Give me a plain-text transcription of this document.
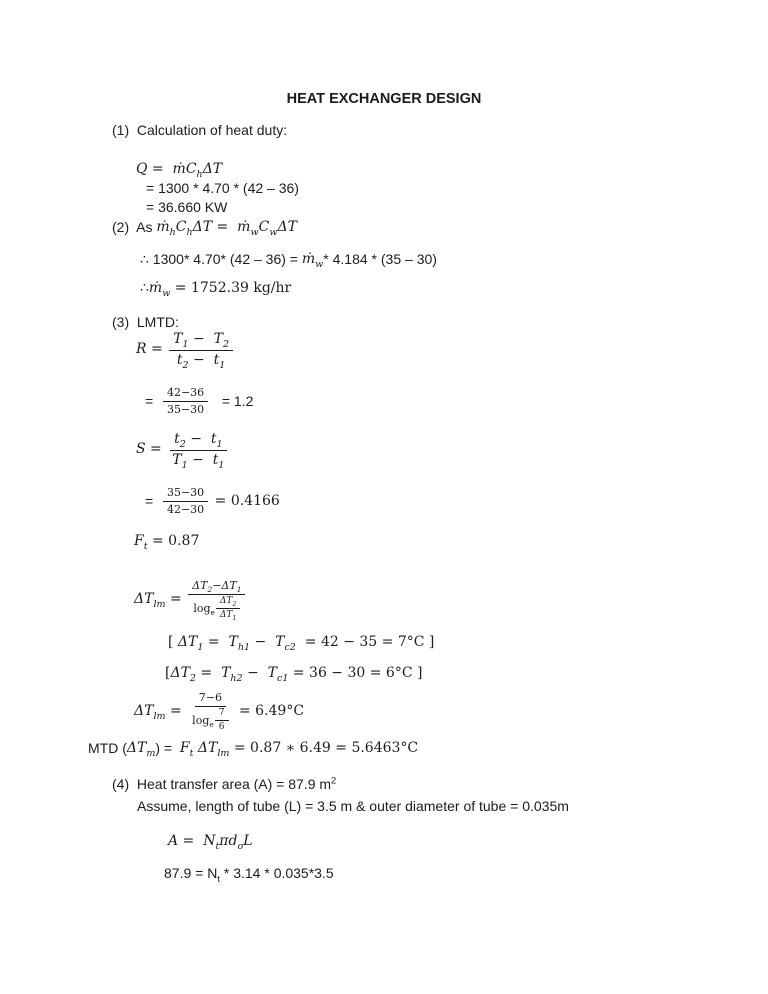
HEAT EXCHANGER DESIGN
(1)  Calculation of heat duty:
Q =  ṁC$_h$ΔT
= 1300 * 4.70 * (42 – 36)
= 36.660 KW
(2)  As $ṁ_hC_h\Delta T$ =  $ṁ_wC_w\Delta T$
∴ 1300* 4.70* (42 – 36) = ṁ$_w$ * 4.184 * (35 – 30)
∴ ṁ$_w$ = 1752.39 kg/hr
(3)  LMTD:
$R = \frac{T_1 - T_2}{t_2 - t_1}$
= $\frac{42-36}{35-30} = 1.2$
$S = \frac{t_2 - t_1}{T_1 - t_1}$
= $\frac{35-30}{42-30} = 0.4166$
$F_t = 0.87$
$\Delta T_{lm} = \frac{\Delta T_2-\Delta T_1}{\log_e \frac{\Delta T_2}{\Delta T_1}}$
[ $\Delta T_1 = T_{h1} - T_{c2} = 42 - 35 = 7^\circ C$ ]
[ $\Delta T_2 = T_{h2} - T_{c1} = 36 - 30 = 6^\circ C$ ]
$\Delta T_{lm} = \frac{7-6}{\log_e \frac{7}{6}} = 6.49^\circ C$
MTD ( $\Delta T_m$ ) = $F_t$ $\Delta T_{lm} = 0.87$ ∗ 6.49 = 5.6463°C
(4)  Heat transfer area (A) = 87.9 $m^2$
Assume, length of tube (L) = 3.5 m & outer diameter of tube = 0.035m
$A = N_t\pi d_oL$
$87.9 = N_t * 3.14 * 0.035*3.5$
